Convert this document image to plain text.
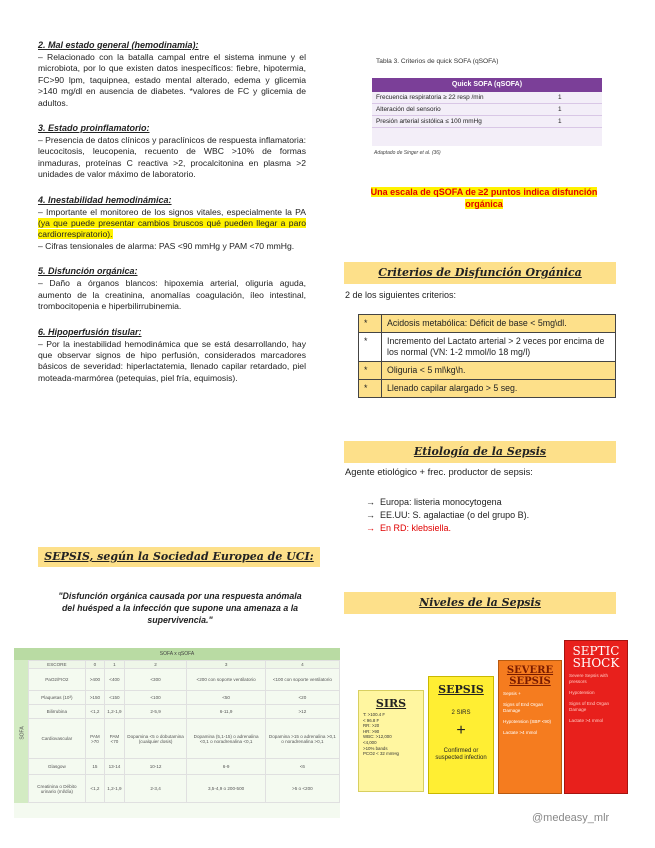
2. Mal estado general (hemodinamia):

– Relacionado con la batalla campal entre el sistema inmune y el microbiota, por lo que existen datos inespecíficos: fiebre, hipotermia, FC>90 lpm, taquipnea, estado mental alterado, edema y glicemia >140 mg/dl en ausencia de diabetes. *valores de FC y glicemia de adultos.

3. Estado proinflamatorio:

– Presencia de datos clínicos y paraclínicos de respuesta inflamatoria: leucocitosis, leucopenia, recuento de WBC >10% de formas inmaduras, proteínas C reactiva >2, procalcitonina en plasma >2 unidades de valor máximo de laboratorio.

4. Inestabilidad hemodinámica:

– Importante el monitoreo de los signos vitales, especialmente la PA (ya que puede presentar cambios bruscos qué pueden llegar a paro cardiorrespiratorio).

– Cifras tensionales de alarma: PAS <90 mmHg y PAM <70 mmHg.

5. Disfunción orgánica:

– Daño a órganos blancos: hipoxemia arterial, oliguria aguda, aumento de la creatinina, anomalías coagulación, íleo intestinal, trombocitopenia e hiperbilirrubinemia.

6. Hipoperfusión tisular:

– Por la inestabilidad hemodinámica que se está desarrollando, hay que observar signos de hipo perfusión, considerados marcadores básicos de severidad: hiperlactatemia, llenado capilar retardado, piel moteada-marmórea (petequias, piel fría, equimosis).

SEPSIS, según la Sociedad Europea de UCI:
"Disfunción orgánica causada por una respuesta anómala del huésped a la infección que supone una amenaza a la supervivencia."
SOFA x qSOFA
SOFA
ESCORE	0	1	2	3	4
PaO2/FIO2	>400	<400	<300	<200 con soporte ventilatorio	<100 con soporte ventilatorio
Plaquetas (10³)	>150	<150	<100	<50	<20
Bilirrubina	<1,2	1,2-1,9	2-5,9	6-11,9	>12
Cardiovascular	PAM >70	PAM <70	Dopamina <5 o dobutamina (cualquier dosis)	Dopamina (5,1-15) o adrenalina <0,1 o noradrenalina <0,1	Dopamina >15 o adrenalina >0,1 o noradrenalina >0,1
Glasgow	15	13-14	10-12	6-9	<6
Creatinina o Débito urinario (ml/día)	<1,2	1,2-1,9	2-3,4	3,5-4,9 o 200-500	>5 o <200
Tabla 3. Criterios de quick SOFA (qSOFA)
Quick SOFA (qSOFA)
Frecuencia respiratoria ≥ 22 resp /min	1
Alteración del sensorio	1
Presión arterial sistólica ≤ 100 mmHg	1
Adaptado de Singer et al. (36)
Una escala de qSOFA de ≥2 puntos indica disfunción orgánica
Criterios de Disfunción Orgánica
2 de los siguientes criterios:
*	Acidosis metabólica: Déficit de base < 5mg\dl.
*	Incremento del Lactato arterial > 2 veces por encima de los normal (VN: 1-2 mmol/lo 18 mg/l)
*	Oliguria < 5 ml\kg\h.
*	Llenado capilar alargado > 5 seg.
Etiología de la Sepsis
Agente etiológico + frec. productor de sepsis:
→  Europa: listeria monocytogena
→  EE.UU: S. agalactiae (o del grupo B).
→  En RD: klebsiella.
Niveles de la Sepsis
SIRS
T: >100.4 F
< 96.8 F
RR: >20
HR: >90
WBC: >12,000
<4,000
>10% bands
PCO2 < 32 mmHg
SEPSIS
2 SIRS
+
Confirmed or suspected infection
SEVERE SEPSIS
Sepsis +
Signs of End Organ Damage
Hypotension (SBP <90)
Lactate >4 mmol
SEPTIC SHOCK
Severe Sepsis with pressors
Hypotension
Signs of End Organ Damage
Lactate >4 mmol
@medeasy_mlr
